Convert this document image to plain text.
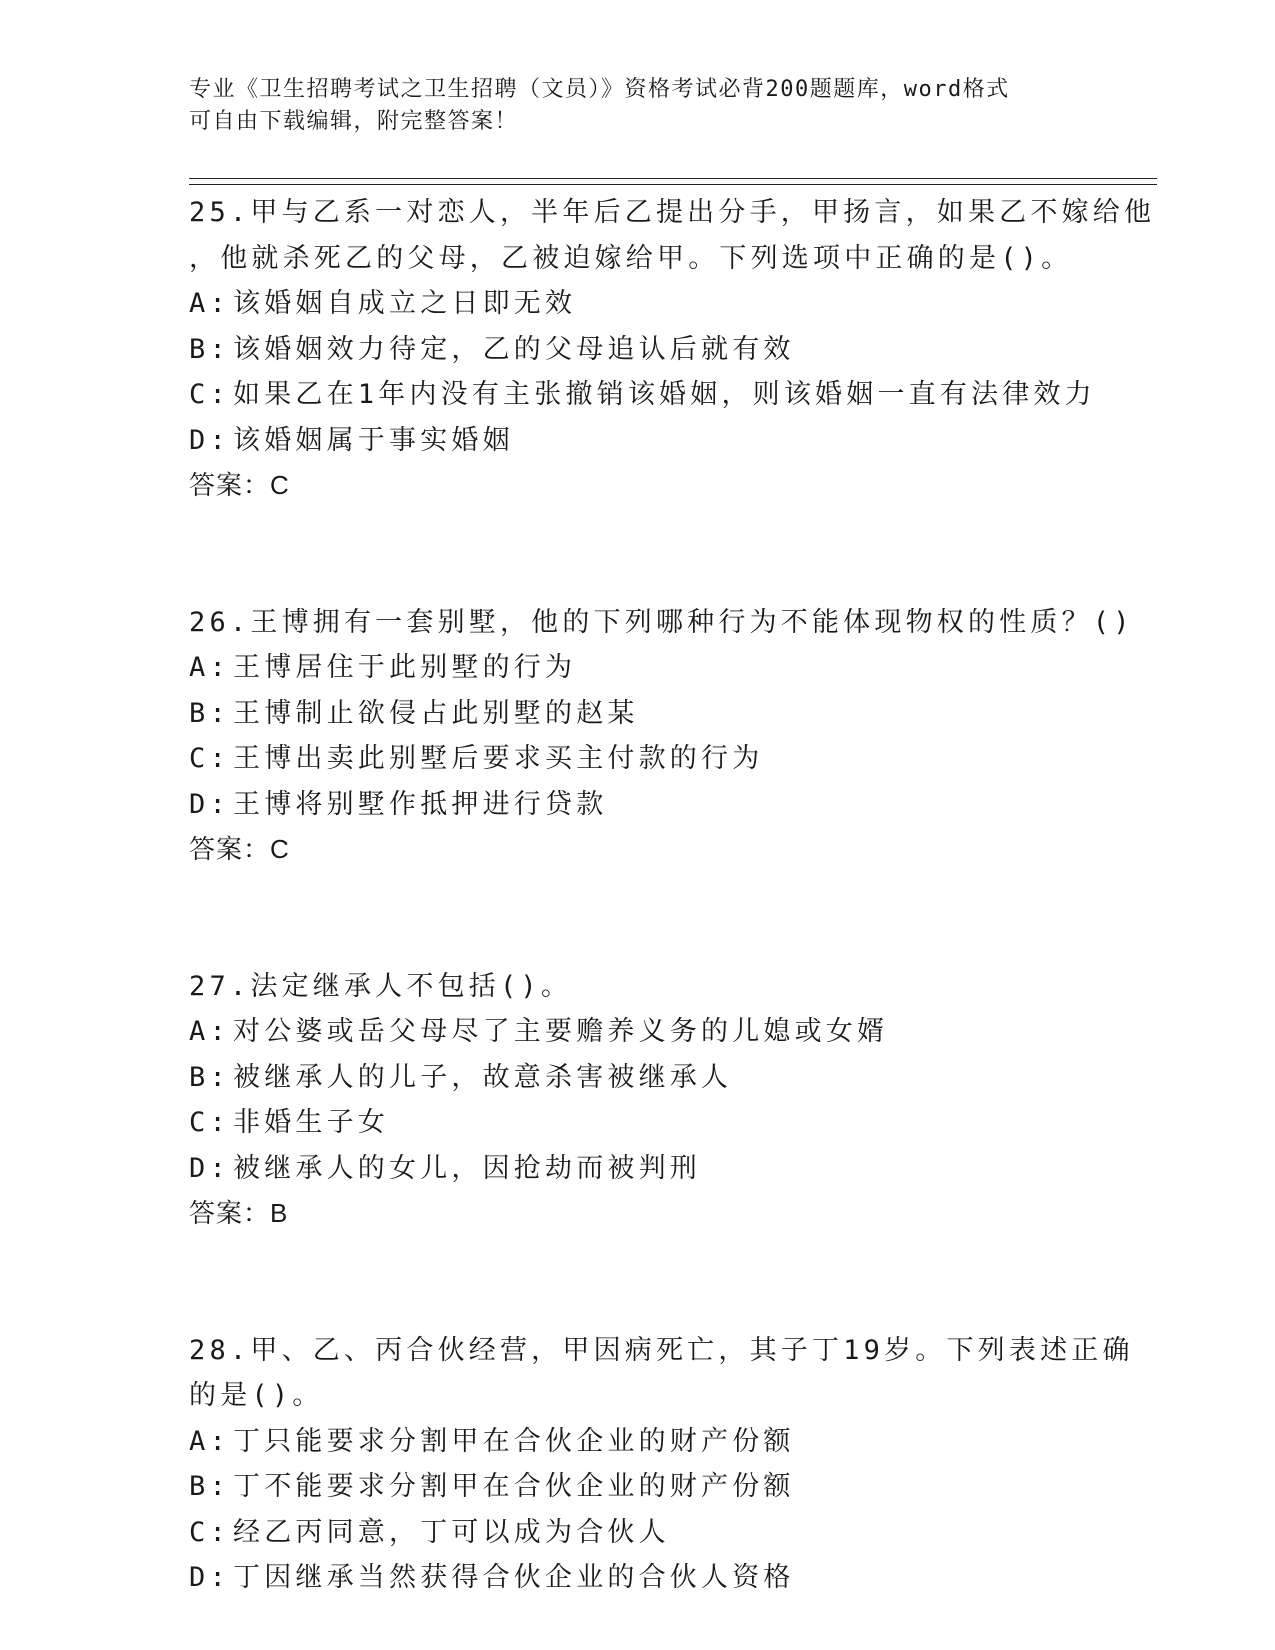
专业《卫生招聘考试之卫生招聘（文员）》资格考试必背200题题库，word格式
可自由下载编辑，附完整答案！
25.甲与乙系一对恋人，半年后乙提出分手，甲扬言，如果乙不嫁给他
，他就杀死乙的父母，乙被迫嫁给甲。下列选项中正确的是()。
A: 该婚姻自成立之日即无效
B: 该婚姻效力待定，乙的父母追认后就有效
C: 如果乙在1年内没有主张撤销该婚姻，则该婚姻一直有法律效力
D: 该婚姻属于事实婚姻
答案：C
26.王博拥有一套别墅，他的下列哪种行为不能体现物权的性质？()
A: 王博居住于此别墅的行为
B: 王博制止欲侵占此别墅的赵某
C: 王博出卖此别墅后要求买主付款的行为
D: 王博将别墅作抵押进行贷款
答案：C
27.法定继承人不包括()。
A: 对公婆或岳父母尽了主要赡养义务的儿媳或女婿
B: 被继承人的儿子，故意杀害被继承人
C: 非婚生子女
D: 被继承人的女儿，因抢劫而被判刑
答案：B
28.甲、乙、丙合伙经营，甲因病死亡，其子丁19岁。下列表述正确
的是()。
A: 丁只能要求分割甲在合伙企业的财产份额
B: 丁不能要求分割甲在合伙企业的财产份额
C: 经乙丙同意，丁可以成为合伙人
D: 丁因继承当然获得合伙企业的合伙人资格
